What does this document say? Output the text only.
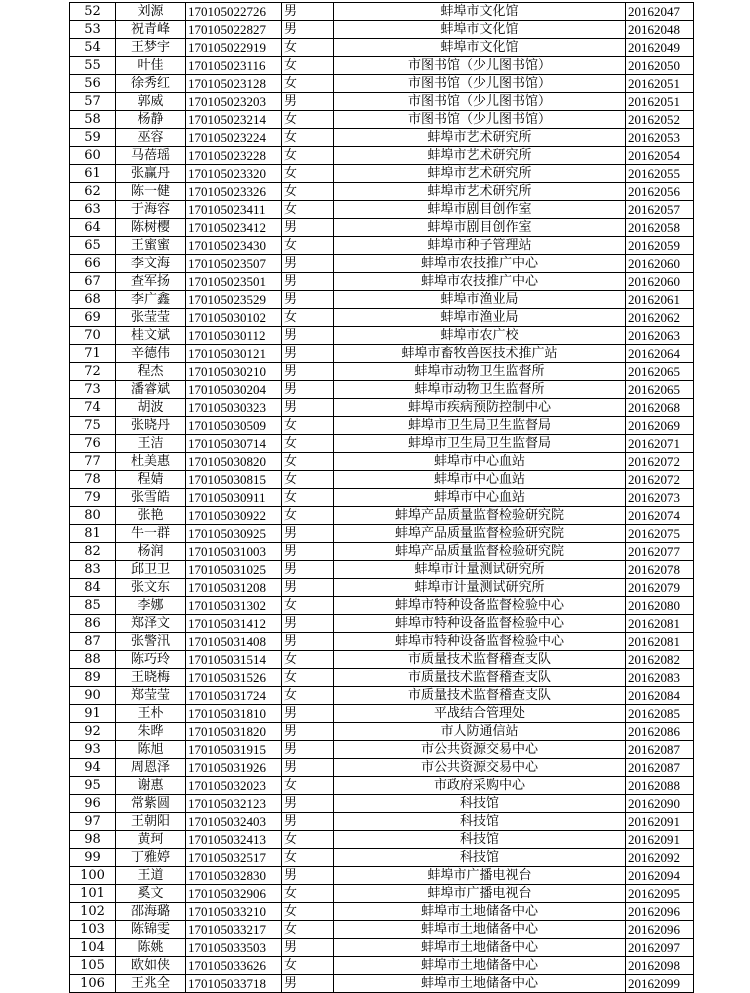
52	刘源	170105022726	男	蚌埠市文化馆	20162047
53	祝青峰	170105022827	男	蚌埠市文化馆	20162048
54	王梦宇	170105022919	女	蚌埠市文化馆	20162049
55	叶佳	170105023116	女	市图书馆（少儿图书馆）	20162050
56	徐秀红	170105023128	女	市图书馆（少儿图书馆）	20162051
57	郭威	170105023203	男	市图书馆（少儿图书馆）	20162051
58	杨静	170105023214	女	市图书馆（少儿图书馆）	20162052
59	巫容	170105023224	女	蚌埠市艺术研究所	20162053
60	马蓓瑶	170105023228	女	蚌埠市艺术研究所	20162054
61	张赢丹	170105023320	女	蚌埠市艺术研究所	20162055
62	陈一健	170105023326	女	蚌埠市艺术研究所	20162056
63	于海容	170105023411	女	蚌埠市剧目创作室	20162057
64	陈树樱	170105023412	男	蚌埠市剧目创作室	20162058
65	王蜜蜜	170105023430	女	蚌埠市种子管理站	20162059
66	李文海	170105023507	男	蚌埠市农技推广中心	20162060
67	查军扬	170105023501	男	蚌埠市农技推广中心	20162060
68	李广鑫	170105023529	男	蚌埠市渔业局	20162061
69	张莹莹	170105030102	女	蚌埠市渔业局	20162062
70	桂文斌	170105030112	男	蚌埠市农广校	20162063
71	辛德伟	170105030121	男	蚌埠市畜牧兽医技术推广站	20162064
72	程杰	170105030210	男	蚌埠市动物卫生监督所	20162065
73	潘睿斌	170105030204	男	蚌埠市动物卫生监督所	20162065
74	胡波	170105030323	男	蚌埠市疾病预防控制中心	20162068
75	张晓丹	170105030509	女	蚌埠市卫生局卫生监督局	20162069
76	王洁	170105030714	女	蚌埠市卫生局卫生监督局	20162071
77	杜美惠	170105030820	女	蚌埠市中心血站	20162072
78	程婧	170105030815	女	蚌埠市中心血站	20162072
79	张雪皓	170105030911	女	蚌埠市中心血站	20162073
80	张艳	170105030922	女	蚌埠产品质量监督检验研究院	20162074
81	牛一群	170105030925	男	蚌埠产品质量监督检验研究院	20162075
82	杨润	170105031003	男	蚌埠产品质量监督检验研究院	20162077
83	邱卫卫	170105031025	男	蚌埠市计量测试研究所	20162078
84	张文东	170105031208	男	蚌埠市计量测试研究所	20162079
85	李娜	170105031302	女	蚌埠市特种设备监督检验中心	20162080
86	郑泽文	170105031412	男	蚌埠市特种设备监督检验中心	20162081
87	张警汛	170105031408	男	蚌埠市特种设备监督检验中心	20162081
88	陈巧玲	170105031514	女	市质量技术监督稽查支队	20162082
89	王晓梅	170105031526	女	市质量技术监督稽查支队	20162083
90	郑莹莹	170105031724	女	市质量技术监督稽查支队	20162084
91	王朴	170105031810	男	平战结合管理处	20162085
92	朱晔	170105031820	男	市人防通信站	20162086
93	陈旭	170105031915	男	市公共资源交易中心	20162087
94	周恩泽	170105031926	男	市公共资源交易中心	20162087
95	谢惠	170105032023	女	市政府采购中心	20162088
96	常紫圆	170105032123	男	科技馆	20162090
97	王朝阳	170105032403	男	科技馆	20162091
98	黄珂	170105032413	女	科技馆	20162091
99	丁雅婷	170105032517	女	科技馆	20162092
100	王道	170105032830	男	蚌埠市广播电视台	20162094
101	奚文	170105032906	女	蚌埠市广播电视台	20162095
102	邵海璐	170105033210	女	蚌埠市土地储备中心	20162096
103	陈锦雯	170105033217	女	蚌埠市土地储备中心	20162096
104	陈姚	170105033503	男	蚌埠市土地储备中心	20162097
105	欧如侠	170105033626	女	蚌埠市土地储备中心	20162098
106	王兆全	170105033718	男	蚌埠市土地储备中心	20162099
